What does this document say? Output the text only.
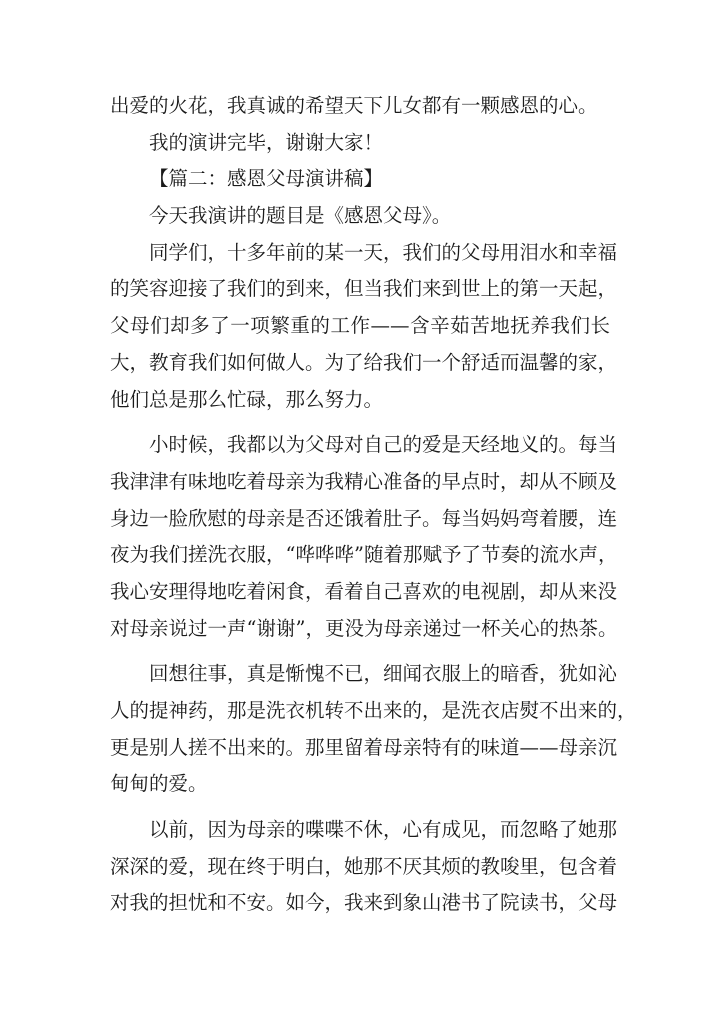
出爱的火花，我真诚的希望天下儿女都有一颗感恩的心。
我的演讲完毕，谢谢大家！
【篇二：感恩父母演讲稿】
今天我演讲的题目是《感恩父母》。
同学们，十多年前的某一天，我们的父母用泪水和幸福
的笑容迎接了我们的到来，但当我们来到世上的第一天起，
父母们却多了一项繁重的工作——含辛茹苦地抚养我们长
大，教育我们如何做人。为了给我们一个舒适而温馨的家，
他们总是那么忙碌，那么努力。
小时候，我都以为父母对自己的爱是天经地义的。每当
我津津有味地吃着母亲为我精心准备的早点时，却从不顾及
身边一脸欣慰的母亲是否还饿着肚子。每当妈妈弯着腰，连
夜为我们搓洗衣服，“哗哗哗”随着那赋予了节奏的流水声，
我心安理得地吃着闲食，看着自己喜欢的电视剧，却从来没
对母亲说过一声“谢谢”，更没为母亲递过一杯关心的热茶。
回想往事，真是惭愧不已，细闻衣服上的暗香，犹如沁
人的提神药，那是洗衣机转不出来的，是洗衣店熨不出来的，
更是别人搓不出来的。那里留着母亲特有的味道——母亲沉
甸甸的爱。
以前，因为母亲的喋喋不休，心有成见，而忽略了她那
深深的爱，现在终于明白，她那不厌其烦的教唆里，包含着
对我的担忧和不安。如今，我来到象山港书了院读书，父母
